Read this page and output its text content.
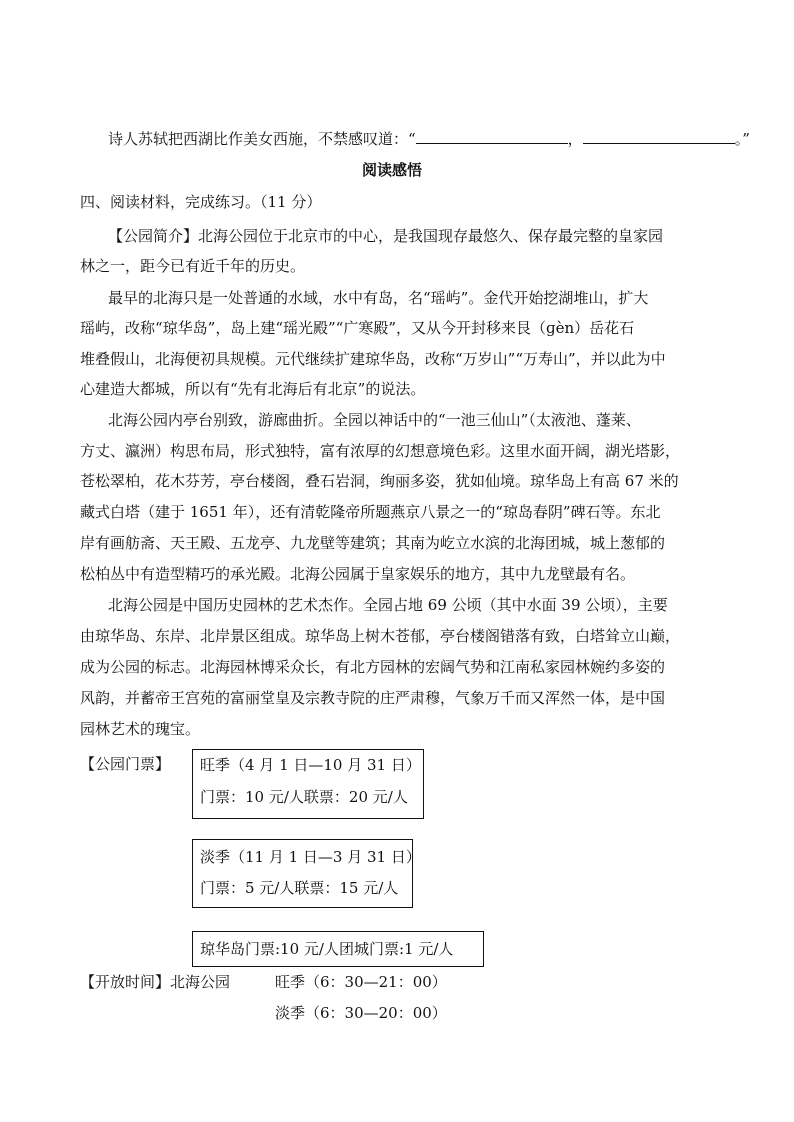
诗人苏轼把西湖比作美女西施，不禁感叹道：“	，	。”
阅读感悟
四、阅读材料，完成练习。（11 分）
【公园简介】北海公园位于北京市的中心，是我国现存最悠久、保存最完整的皇家园
林之一，距今已有近千年的历史。
最早的北海只是一处普通的水域，水中有岛，名“瑶屿”。金代开始挖湖堆山，扩大
瑶屿，改称“琼华岛”，岛上建“瑶光殿”“广寒殿”，又从今开封移来艮（ɡèn）岳花石
堆叠假山，北海便初具规模。元代继续扩建琼华岛，改称“万岁山”“万寿山”，并以此为中
心建造大都城，所以有“先有北海后有北京”的说法。
北海公园内亭台别致，游廊曲折。全园以神话中的“一池三仙山”（太液池、蓬莱、
方丈、瀛洲）构思布局，形式独特，富有浓厚的幻想意境色彩。这里水面开阔，湖光塔影，
苍松翠柏，花木芬芳，亭台楼阁，叠石岩洞，绚丽多姿，犹如仙境。琼华岛上有高 67 米的
藏式白塔（建于 1651 年），还有清乾隆帝所题燕京八景之一的“琼岛春阴”碑石等。东北
岸有画舫斋、天王殿、五龙亭、九龙壁等建筑；其南为屹立水滨的北海团城，城上葱郁的
松柏丛中有造型精巧的承光殿。北海公园属于皇家娱乐的地方，其中九龙壁最有名。
北海公园是中国历史园林的艺术杰作。全园占地 69 公顷（其中水面 39 公顷），主要
由琼华岛、东岸、北岸景区组成。琼华岛上树木苍郁，亭台楼阁错落有致，白塔耸立山巅，
成为公园的标志。北海园林博采众长，有北方园林的宏阔气势和江南私家园林婉约多姿的
风韵，并蓄帝王宫苑的富丽堂皇及宗教寺院的庄严肃穆，气象万千而又浑然一体，是中国
园林艺术的瑰宝。
【公园门票】 旺季（4 月 1 日—10 月 31 日）
门票：10 元/人联票：20 元/人
淡季（11 月 1 日—3 月 31 日）
门票：5 元/人联票：15 元/人
琼华岛门票:10 元/人团城门票:1 元/人
【开放时间】北海公园	旺季（6：30—21：00）
淡季（6：30—20：00）
